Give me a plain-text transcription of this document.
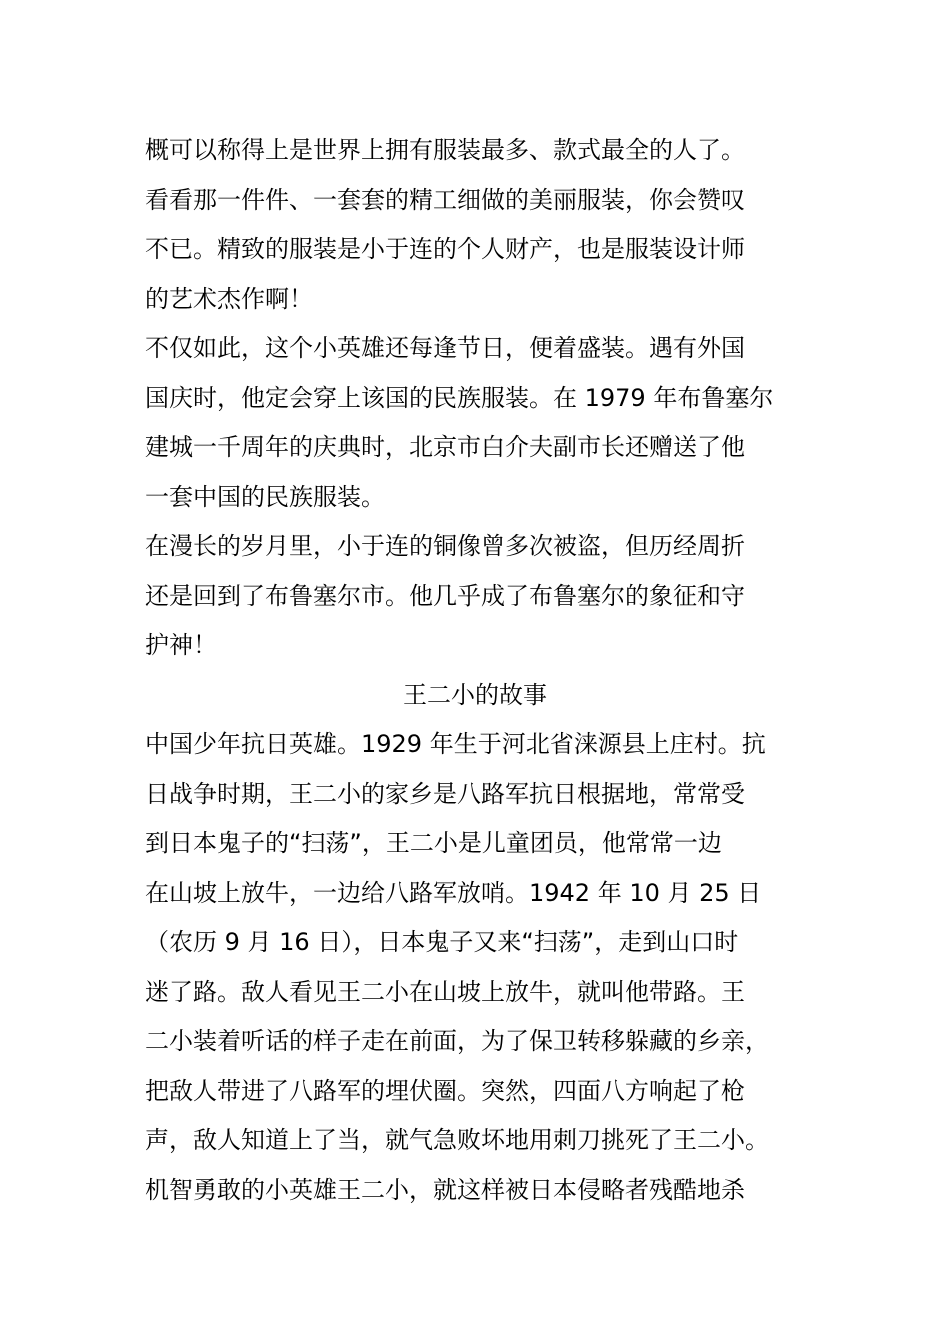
概可以称得上是世界上拥有服装最多、款式最全的人了。
看看那一件件、一套套的精工细做的美丽服装，你会赞叹
不已。精致的服装是小于连的个人财产，也是服装设计师
的艺术杰作啊！
不仅如此，这个小英雄还每逢节日，便着盛装。遇有外国
国庆时，他定会穿上该国的民族服装。在 1979 年布鲁塞尔
建城一千周年的庆典时，北京市白介夫副市长还赠送了他
一套中国的民族服装。
在漫长的岁月里，小于连的铜像曾多次被盗，但历经周折
还是回到了布鲁塞尔市。他几乎成了布鲁塞尔的象征和守
护神！
王二小的故事
中国少年抗日英雄。1929 年生于河北省涞源县上庄村。抗
日战争时期，王二小的家乡是八路军抗日根据地，常常受
到日本鬼子的“扫荡”，王二小是儿童团员，他常常一边
在山坡上放牛，一边给八路军放哨。1942 年 10 月 25 日
（农历 9 月 16 日），日本鬼子又来“扫荡”，走到山口时
迷了路。敌人看见王二小在山坡上放牛，就叫他带路。王
二小装着听话的样子走在前面，为了保卫转移躲藏的乡亲，
把敌人带进了八路军的埋伏圈。突然，四面八方响起了枪
声，敌人知道上了当，就气急败坏地用刺刀挑死了王二小。
机智勇敢的小英雄王二小，就这样被日本侵略者残酷地杀
